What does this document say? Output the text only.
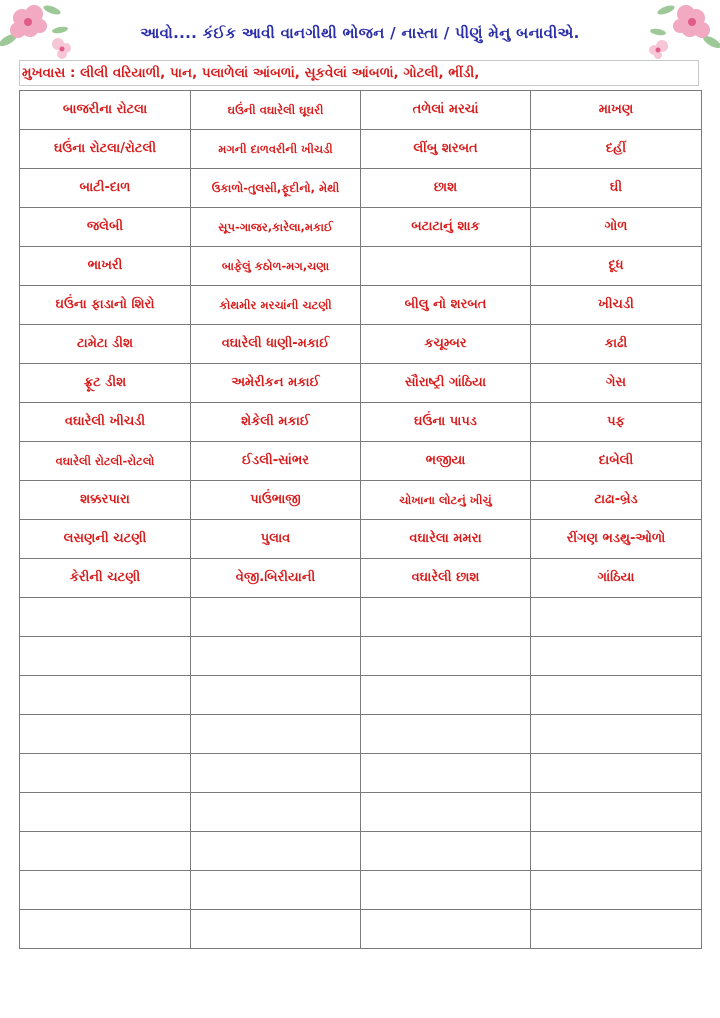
આવો.... કંઈક આવી વાનગીથી ભોજન / નાસ્તા / પીણું મેનુ બનાવીએ.
મુખવાસ : લીલી વરિયાળી, પાન, પલાળેલાં આંબળાં, સૂકવેલાં આંબળાં, ગોટલી, ભીંડી,
બાજરીના રોટલા	ઘઉંની વઘારેલી ઘૂઘરી	તળેલાં મરચાં	માખણ
ઘઉંના રોટલા/રોટલી	મગની દાળવરીની ખીચડી	લીંબુ શરબત	દહીં
બાટી-દાળ	ઉકાળો-તુલસી,ફૂદીનો, મેથી	છાશ	ઘી
જલેબી	સૂપ-ગાજર,કારેલા,મકાઈ	બટાટાનું શાક	ગોળ
ભાખરી	બાફેલું કઠોળ-મગ,ચણા		દૂધ
ઘઉંના ફાડાનો શિરો	કોથમીર મરચાંની ચટણી	બીલુ નો શરબત	ખીચડી
ટામેટા ડીશ	વઘારેલી ધાણી-મકાઈ	કચૂમ્બર	કાઢી
ફ્રૂટ ડીશ	અમેરીકન મકાઈ	સૌરાષ્ટ્રી ગાંઠિયા	ગેસ
વઘારેલી ખીચડી	શેકેલી મકાઈ	ઘઉંના પાપડ	પફ
વઘારેલી રોટલી-રોટલો	ઈડલી-સાંભર	ભજીયા	દાબેલી
શક્કરપારા	પાઉંભાજી	ચોખાના લોટનું ખીચું	ટાઢા-બ્રેડ
લસણની ચટણી	પુલાવ	વઘારેલા મમરા	રીંગણ ભડથુ-ઓળો
કેરીની ચટણી	વેજી.બિરીયાની	વઘારેલી છાશ	ગાંઠિયા
